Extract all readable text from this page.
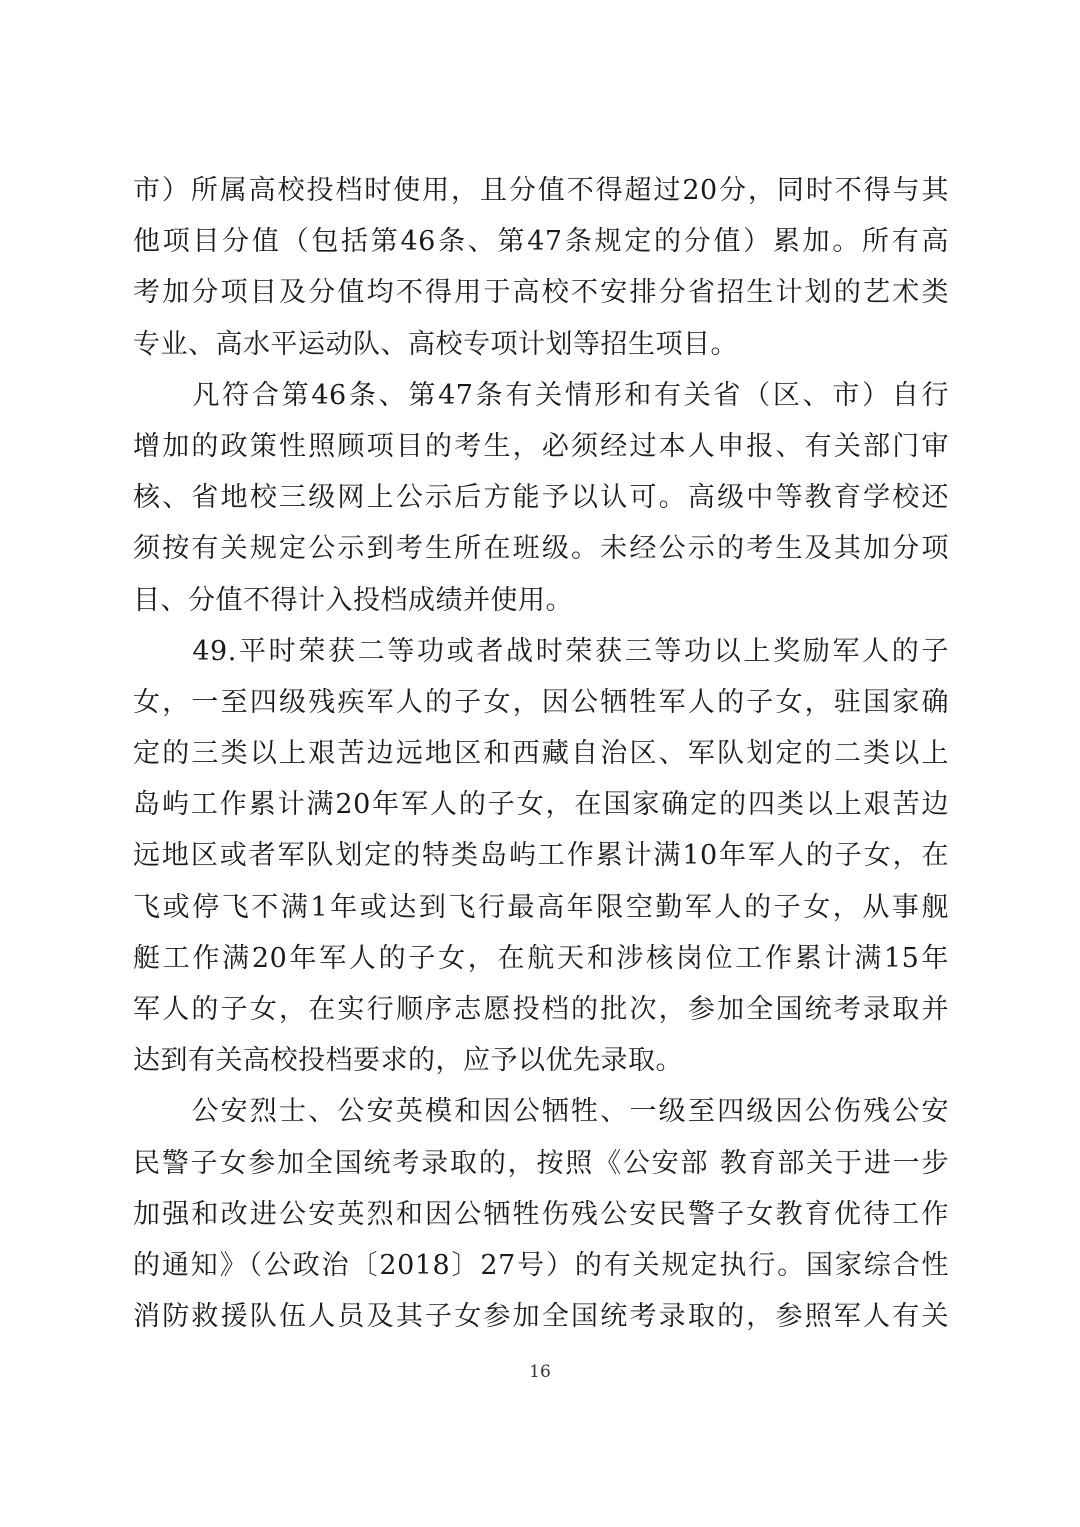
市）所属高校投档时使用，且分值不得超过20分，同时不得与其
他项目分值（包括第46条、第47条规定的分值）累加。所有高
考加分项目及分值均不得用于高校不安排分省招生计划的艺术类
专业、高水平运动队、高校专项计划等招生项目。
　　凡符合第46条、第47条有关情形和有关省（区、市）自行
增加的政策性照顾项目的考生，必须经过本人申报、有关部门审
核、省地校三级网上公示后方能予以认可。高级中等教育学校还
须按有关规定公示到考生所在班级。未经公示的考生及其加分项
目、分值不得计入投档成绩并使用。
　　49.平时荣获二等功或者战时荣获三等功以上奖励军人的子
女，一至四级残疾军人的子女，因公牺牲军人的子女，驻国家确
定的三类以上艰苦边远地区和西藏自治区、军队划定的二类以上
岛屿工作累计满20年军人的子女，在国家确定的四类以上艰苦边
远地区或者军队划定的特类岛屿工作累计满10年军人的子女，在
飞或停飞不满1年或达到飞行最高年限空勤军人的子女，从事舰
艇工作满20年军人的子女，在航天和涉核岗位工作累计满15年
军人的子女，在实行顺序志愿投档的批次，参加全国统考录取并
达到有关高校投档要求的，应予以优先录取。
　　公安烈士、公安英模和因公牺牲、一级至四级因公伤残公安
民警子女参加全国统考录取的，按照《公安部 教育部关于进一步
加强和改进公安英烈和因公牺牲伤残公安民警子女教育优待工作
的通知》（公政治〔2018〕27号）的有关规定执行。国家综合性
消防救援队伍人员及其子女参加全国统考录取的，参照军人有关
16
